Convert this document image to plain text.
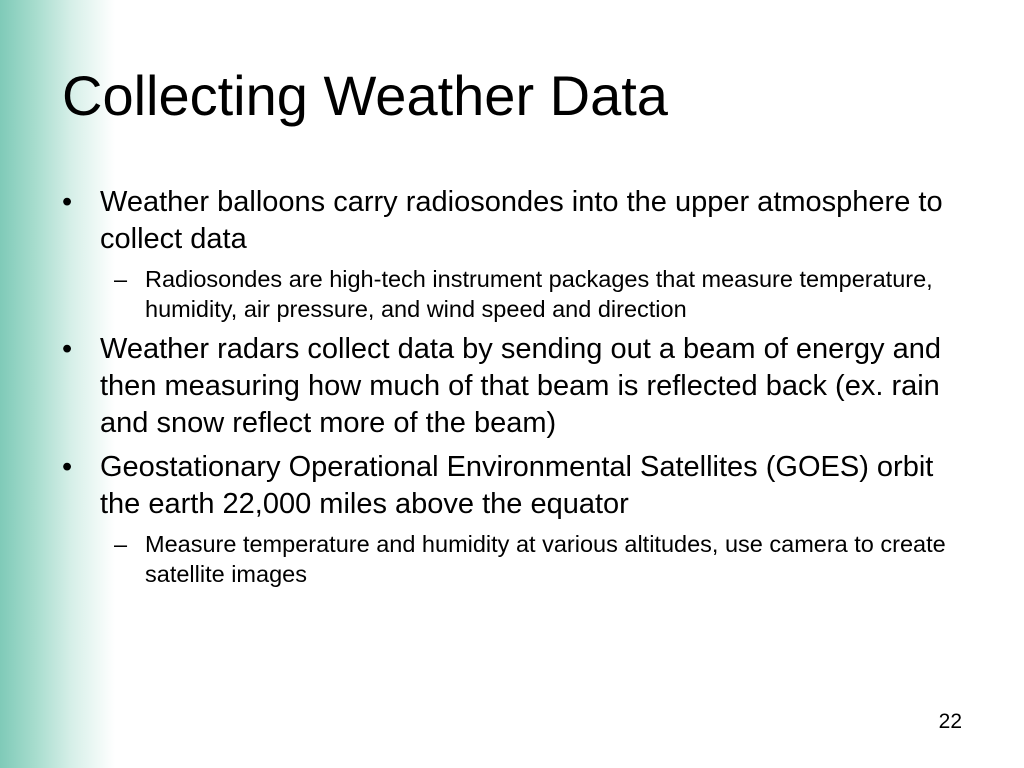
Collecting Weather Data
• Weather balloons carry radiosondes into the upper atmosphere to collect data
– Radiosondes are high-tech instrument packages that measure temperature, humidity, air pressure, and wind speed and direction
• Weather radars collect data by sending out a beam of energy and then measuring how much of that beam is reflected back (ex. rain and snow reflect more of the beam)
• Geostationary Operational Environmental Satellites (GOES) orbit the earth 22,000 miles above the equator
– Measure temperature and humidity at various altitudes, use camera to create satellite images
22
